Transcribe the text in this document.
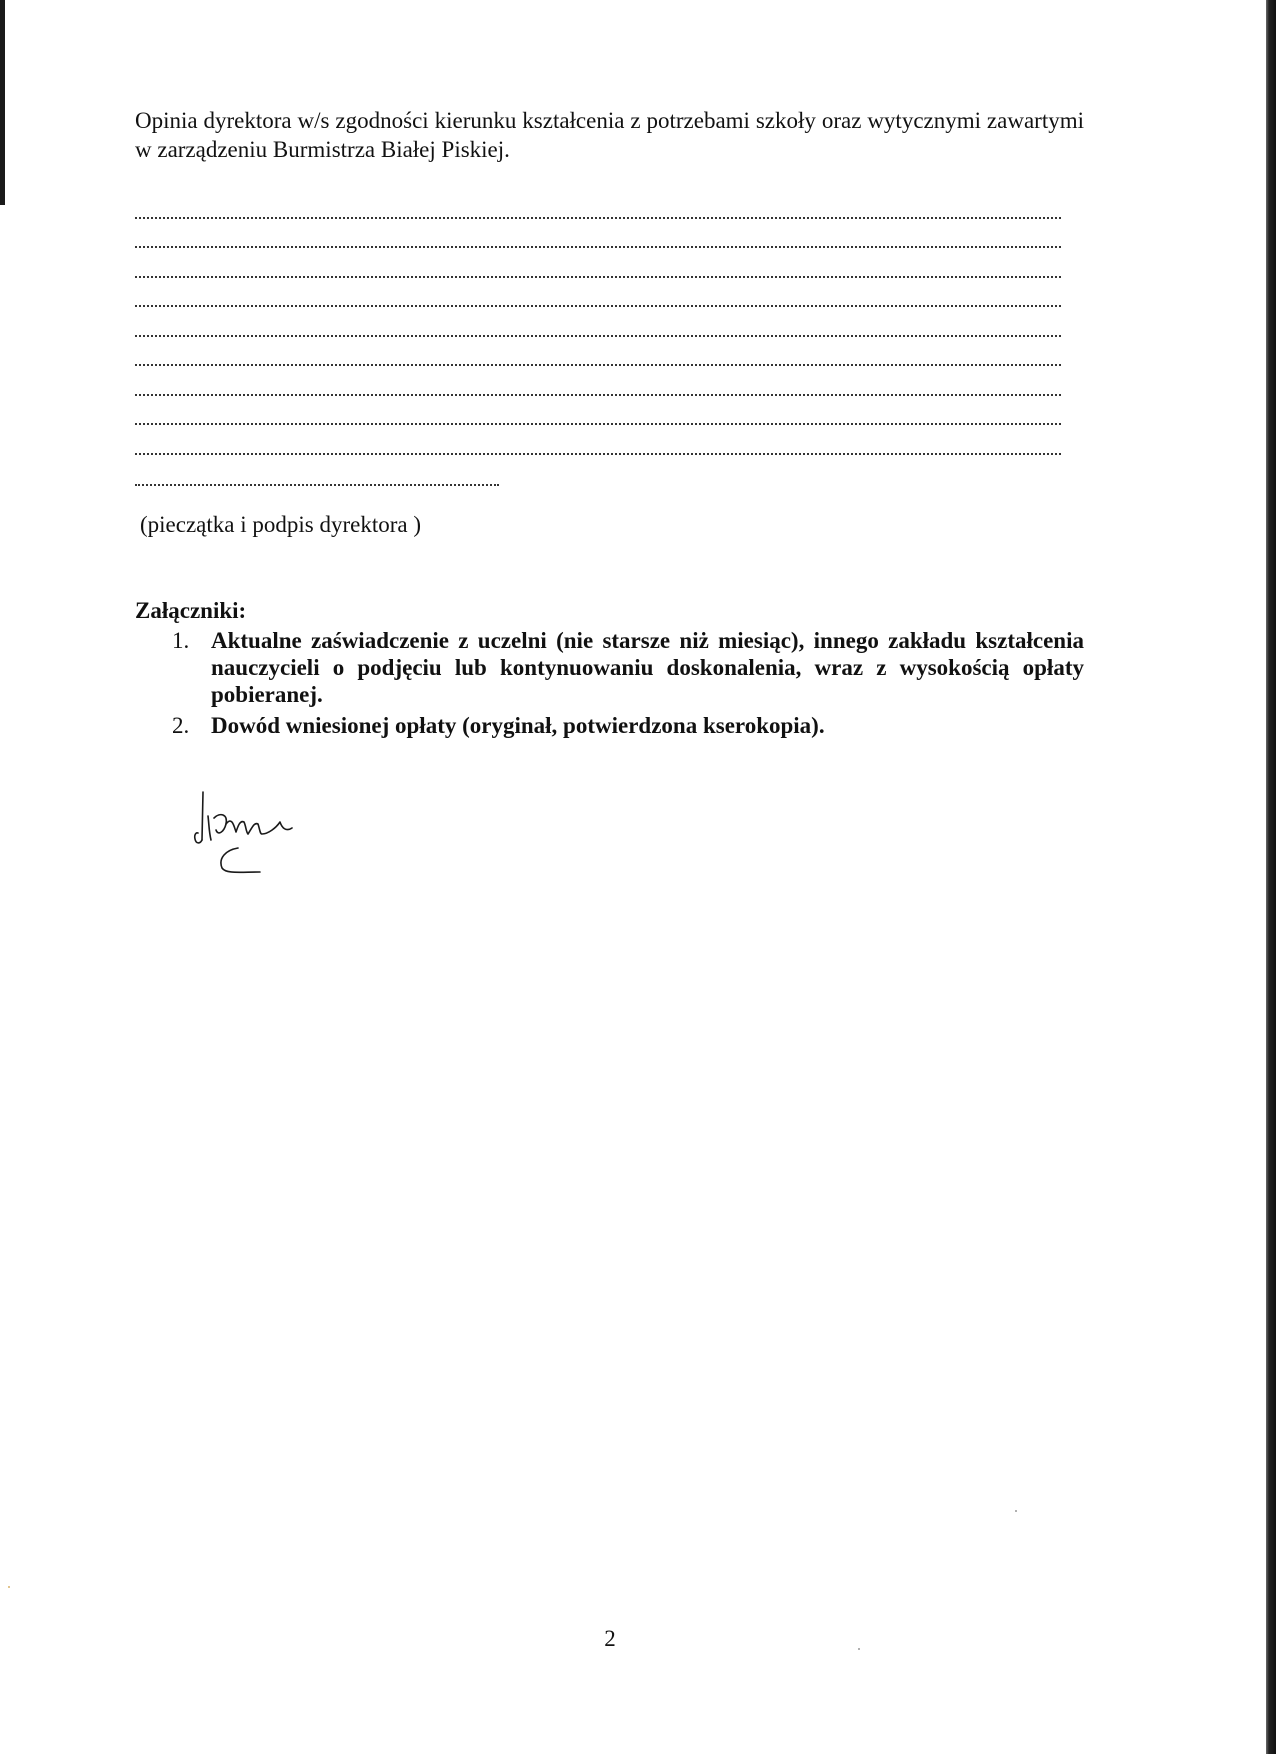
Opinia dyrektora w/s zgodności kierunku kształcenia z potrzebami szkoły oraz wytycznymi zawartymi w zarządzeniu Burmistrza Białej Piskiej.

(pieczątka i podpis dyrektora )

Załączniki:

1. Aktualne zaświadczenie z uczelni (nie starsze niż miesiąc), innego zakładu kształcenia nauczycieli o podjęciu lub kontynuowaniu doskonalenia, wraz z wysokością opłaty pobieranej.
2. Dowód wniesionej opłaty (oryginał, potwierdzona kserokopia).

2
